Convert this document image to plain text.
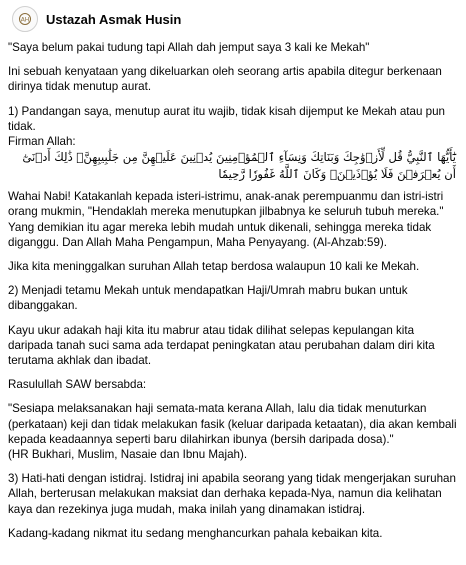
AH Ustazah Asmak Husin

"Saya belum pakai tudung tapi Allah dah jemput saya 3 kali ke Mekah"

Ini sebuah kenyataan yang dikeluarkan oleh seorang artis apabila ditegur berkenaan dirinya tidak menutup aurat.

1) Pandangan saya, menutup aurat itu wajib, tidak kisah dijemput ke Mekah atau pun tidak.

Firman Allah:

يَٰٓأَيُّهَا ٱلنَّبِيُّ قُل لِّأَزۡوَٰجِكَ وَبَنَاتِكَ وَنِسَآءِ ٱلۡمُؤۡمِنِينَ يُدۡنِينَ عَلَيۡهِنَّ مِن جَلَٰبِيبِهِنَّۚ ذَٰلِكَ أَدۡنَىٰٓ أَن يُعۡرَفۡنَ فَلَا يُؤۡذَيۡنَۗ وَكَانَ ٱللَّهُ غَفُورٗا رَّحِيمٗا

Wahai Nabi! Katakanlah kepada isteri-istrimu, anak-anak perempuanmu dan istri-istri orang mukmin, "Hendaklah mereka menutupkan jilbabnya ke seluruh tubuh mereka." Yang demikian itu agar mereka lebih mudah untuk dikenali, sehingga mereka tidak diganggu. Dan Allah Maha Pengampun, Maha Penyayang. (Al-Ahzab:59).

Jika kita meninggalkan suruhan Allah tetap berdosa walaupun 10 kali ke Mekah.

2) Menjadi tetamu Mekah untuk mendapatkan Haji/Umrah mabru bukan untuk dibanggakan.

Kayu ukur adakah haji kita itu mabrur atau tidak dilihat selepas kepulangan kita daripada tanah suci sama ada terdapat peningkatan atau perubahan dalam diri kita terutama akhlak dan ibadat.

Rasulullah SAW bersabda:

"Sesiapa melaksanakan haji semata-mata kerana Allah, lalu dia tidak menuturkan (perkataan) keji dan tidak melakukan fasik (keluar daripada ketaatan), dia akan kembali kepada keadaannya seperti baru dilahirkan ibunya (bersih daripada dosa)."

(HR Bukhari, Muslim, Nasaie dan Ibnu Majah).

3) Hati-hati dengan istidraj. Istidraj ini apabila seorang yang tidak mengerjakan suruhan Allah, berterusan melakukan maksiat dan derhaka kepada-Nya, namun dia kelihatan kaya dan rezekinya juga mudah, maka inilah yang dinamakan istidraj.

Kadang-kadang nikmat itu sedang menghancurkan pahala kebaikan kita.
